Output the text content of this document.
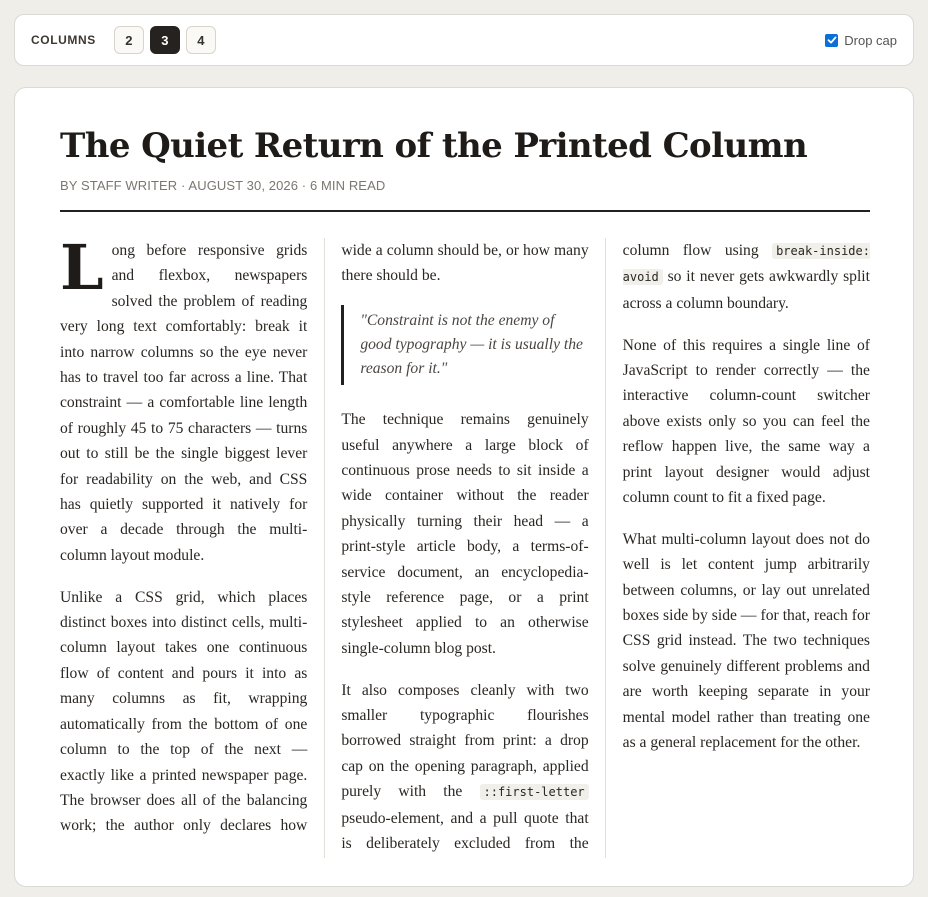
COLUMNS	2	3	4	Drop cap
The Quiet Return of the Printed Column
BY STAFF WRITER · AUGUST 30, 2026 · 6 MIN READ

Long before responsive grids and flexbox, newspapers solved the problem of reading very long text comfortably: break it into narrow columns so the eye never has to travel too far across a line. That constraint — a comfortable line length of roughly 45 to 75 characters — turns out to still be the single biggest lever for readability on the web, and CSS has quietly supported it natively for over a decade through the multi-column layout module.

Unlike a CSS grid, which places distinct boxes into distinct cells, multi-column layout takes one continuous flow of content and pours it into as many columns as fit, wrapping automatically from the bottom of one column to the top of the next — exactly like a printed newspaper page. The browser does all of the balancing work; the author only declares how wide a column should be, or how many there should be.

"Constraint is not the enemy of good typography — it is usually the reason for it."

The technique remains genuinely useful anywhere a large block of continuous prose needs to sit inside a wide container without the reader physically turning their head — a print-style article body, a terms-of-service document, an encyclopedia-style reference page, or a print stylesheet applied to an otherwise single-column blog post.

It also composes cleanly with two smaller typographic flourishes borrowed straight from print: a drop cap on the opening paragraph, applied purely with the ::first-letter pseudo-element, and a pull quote that is deliberately excluded from the column flow using break-inside: avoid so it never gets awkwardly split across a column boundary.

None of this requires a single line of JavaScript to render correctly — the interactive column-count switcher above exists only so you can feel the reflow happen live, the same way a print layout designer would adjust column count to fit a fixed page.

What multi-column layout does not do well is let content jump arbitrarily between columns, or lay out unrelated boxes side by side — for that, reach for CSS grid instead. The two techniques solve genuinely different problems and are worth keeping separate in your mental model rather than treating one as a general replacement for the other.
